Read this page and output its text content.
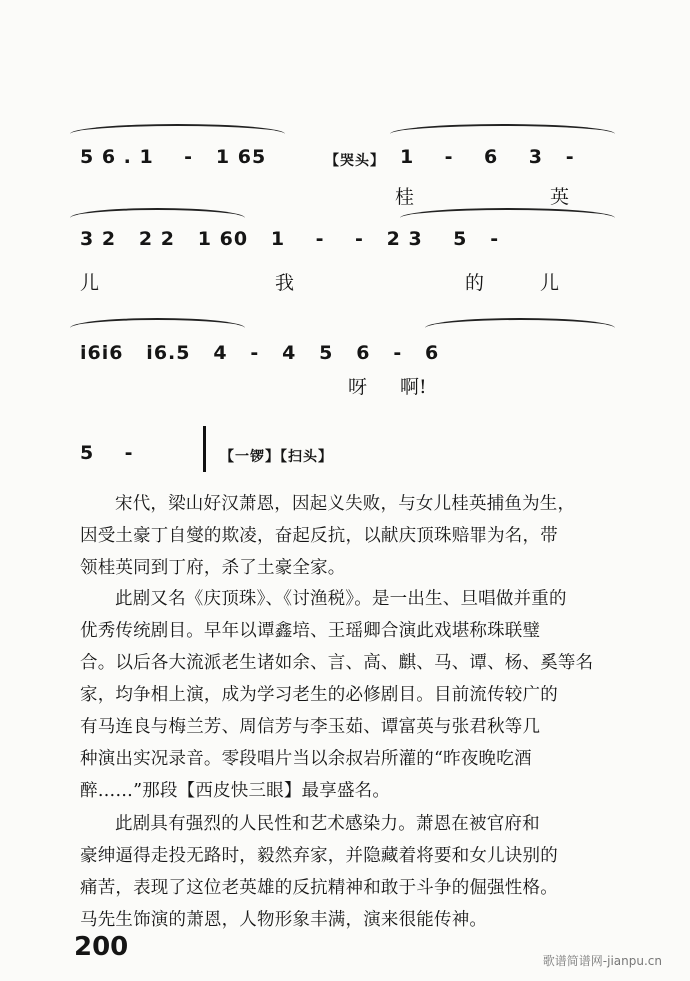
5 6 . 1    -   1 65	【哭头】 1    -    6    3   -
桂	英
3 2   2 2   1 60   1    -    -   2 3    5   -
儿	我	的	儿
i6i6   i6.5   4   -   4   5   6   -   6
呀 啊!
5    -	【一锣】【扫头】
宋代，梁山好汉萧恩，因起义失败，与女儿桂英捕鱼为生，
因受土豪丁自燮的欺凌，奋起反抗，以献庆顶珠赔罪为名，带
领桂英同到丁府，杀了土豪全家。
此剧又名《庆顶珠》、《讨渔税》。是一出生、旦唱做并重的
优秀传统剧目。早年以谭鑫培、王瑶卿合演此戏堪称珠联璧
合。以后各大流派老生诸如余、言、高、麒、马、谭、杨、奚等名
家，均争相上演，成为学习老生的必修剧目。目前流传较广的
有马连良与梅兰芳、周信芳与李玉茹、谭富英与张君秋等几
种演出实况录音。零段唱片当以余叔岩所灌的“昨夜晚吃酒
醉……”那段【西皮快三眼】最享盛名。
此剧具有强烈的人民性和艺术感染力。萧恩在被官府和
豪绅逼得走投无路时，毅然弃家，并隐藏着将要和女儿诀别的
痛苦，表现了这位老英雄的反抗精神和敢于斗争的倔强性格。
马先生饰演的萧恩，人物形象丰满，演来很能传神。
200	歌谱简谱网-jianpu.cn
